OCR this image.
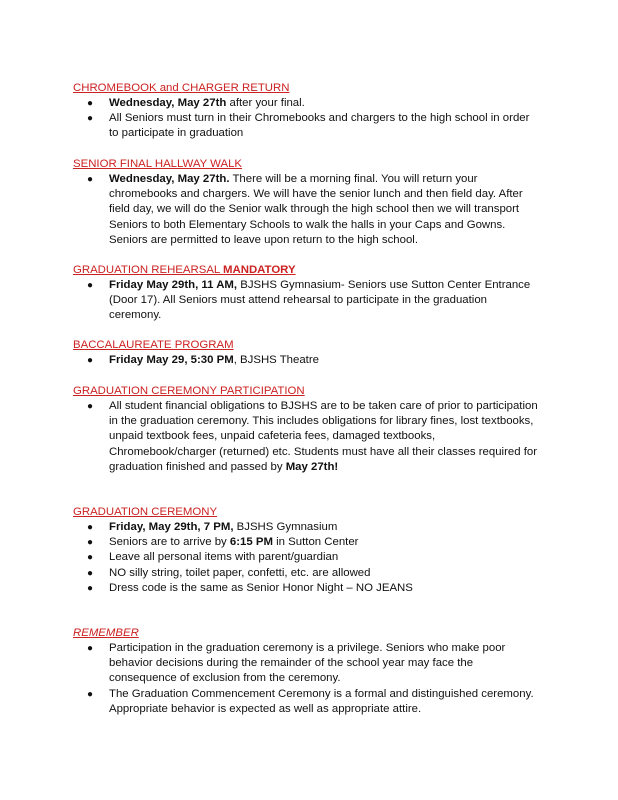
CHROMEBOOK and CHARGER RETURN
● Wednesday, May 27th after your final.
● All Seniors must turn in their Chromebooks and chargers to the high school in order to participate in graduation
SENIOR FINAL HALLWAY WALK
● Wednesday, May 27th. There will be a morning final. You will return your chromebooks and chargers. We will have the senior lunch and then field day. After field day, we will do the Senior walk through the high school then we will transport Seniors to both Elementary Schools to walk the halls in your Caps and Gowns. Seniors are permitted to leave upon return to the high school.
GRADUATION REHEARSAL MANDATORY
● Friday May 29th, 11 AM, BJSHS Gymnasium- Seniors use Sutton Center Entrance (Door 17). All Seniors must attend rehearsal to participate in the graduation ceremony.
BACCALAUREATE PROGRAM
● Friday May 29, 5:30 PM, BJSHS Theatre
GRADUATION CEREMONY PARTICIPATION
● All student financial obligations to BJSHS are to be taken care of prior to participation in the graduation ceremony. This includes obligations for library fines, lost textbooks, unpaid textbook fees, unpaid cafeteria fees, damaged textbooks, Chromebook/charger (returned) etc. Students must have all their classes required for graduation finished and passed by May 27th!
GRADUATION CEREMONY
● Friday, May 29th, 7 PM, BJSHS Gymnasium
● Seniors are to arrive by 6:15 PM in Sutton Center
● Leave all personal items with parent/guardian
● NO silly string, toilet paper, confetti, etc. are allowed
● Dress code is the same as Senior Honor Night – NO JEANS
REMEMBER
● Participation in the graduation ceremony is a privilege. Seniors who make poor behavior decisions during the remainder of the school year may face the consequence of exclusion from the ceremony.
● The Graduation Commencement Ceremony is a formal and distinguished ceremony. Appropriate behavior is expected as well as appropriate attire.
